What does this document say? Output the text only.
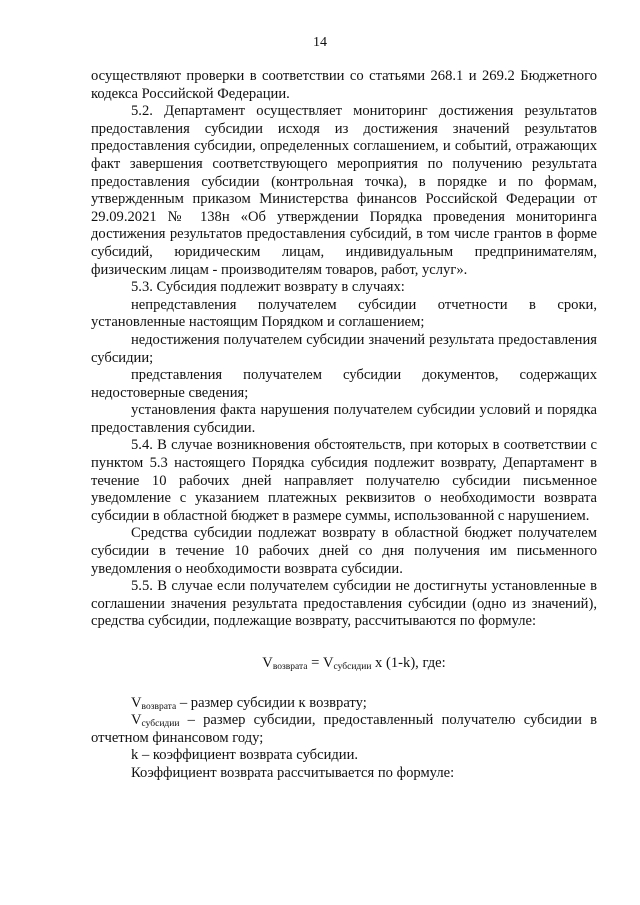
14

осуществляют проверки в соответствии со статьями 268.1 и 269.2 Бюджетного кодекса Российской Федерации.

5.2. Департамент осуществляет мониторинг достижения результатов предоставления субсидии исходя из достижения значений результатов предоставления субсидии, определенных соглашением, и событий, отражающих факт завершения соответствующего мероприятия по получению результата предоставления субсидии (контрольная точка), в порядке и по формам, утвержденным приказом Министерства финансов Российской Федерации от 29.09.2021 № 138н «Об утверждении Порядка проведения мониторинга достижения результатов предоставления субсидий, в том числе грантов в форме субсидий, юридическим лицам, индивидуальным предпринимателям, физическим лицам - производителям товаров, работ, услуг».

5.3. Субсидия подлежит возврату в случаях:

непредставления получателем субсидии отчетности в сроки, установленные настоящим Порядком и соглашением;

недостижения получателем субсидии значений результата предоставления субсидии;

представления получателем субсидии документов, содержащих недостоверные сведения;

установления факта нарушения получателем субсидии условий и порядка предоставления субсидии.

5.4. В случае возникновения обстоятельств, при которых в соответствии с пунктом 5.3 настоящего Порядка субсидия подлежит возврату, Департамент в течение 10 рабочих дней направляет получателю субсидии письменное уведомление с указанием платежных реквизитов о необходимости возврата субсидии в областной бюджет в размере суммы, использованной с нарушением.

Средства субсидии подлежат возврату в областной бюджет получателем субсидии в течение 10 рабочих дней со дня получения им письменного уведомления о необходимости возврата субсидии.

5.5. В случае если получателем субсидии не достигнуты установленные в соглашении значения результата предоставления субсидии (одно из значений), средства субсидии, подлежащие возврату, рассчитываются по формуле:

$V_{возврата} = V_{субсидии}$ x (1-k), где:

$V_{возврата}$ – размер субсидии к возврату;

$V_{субсидии}$ – размер субсидии, предоставленный получателю субсидии в отчетном финансовом году;

k – коэффициент возврата субсидии.

Коэффициент возврата рассчитывается по формуле:
